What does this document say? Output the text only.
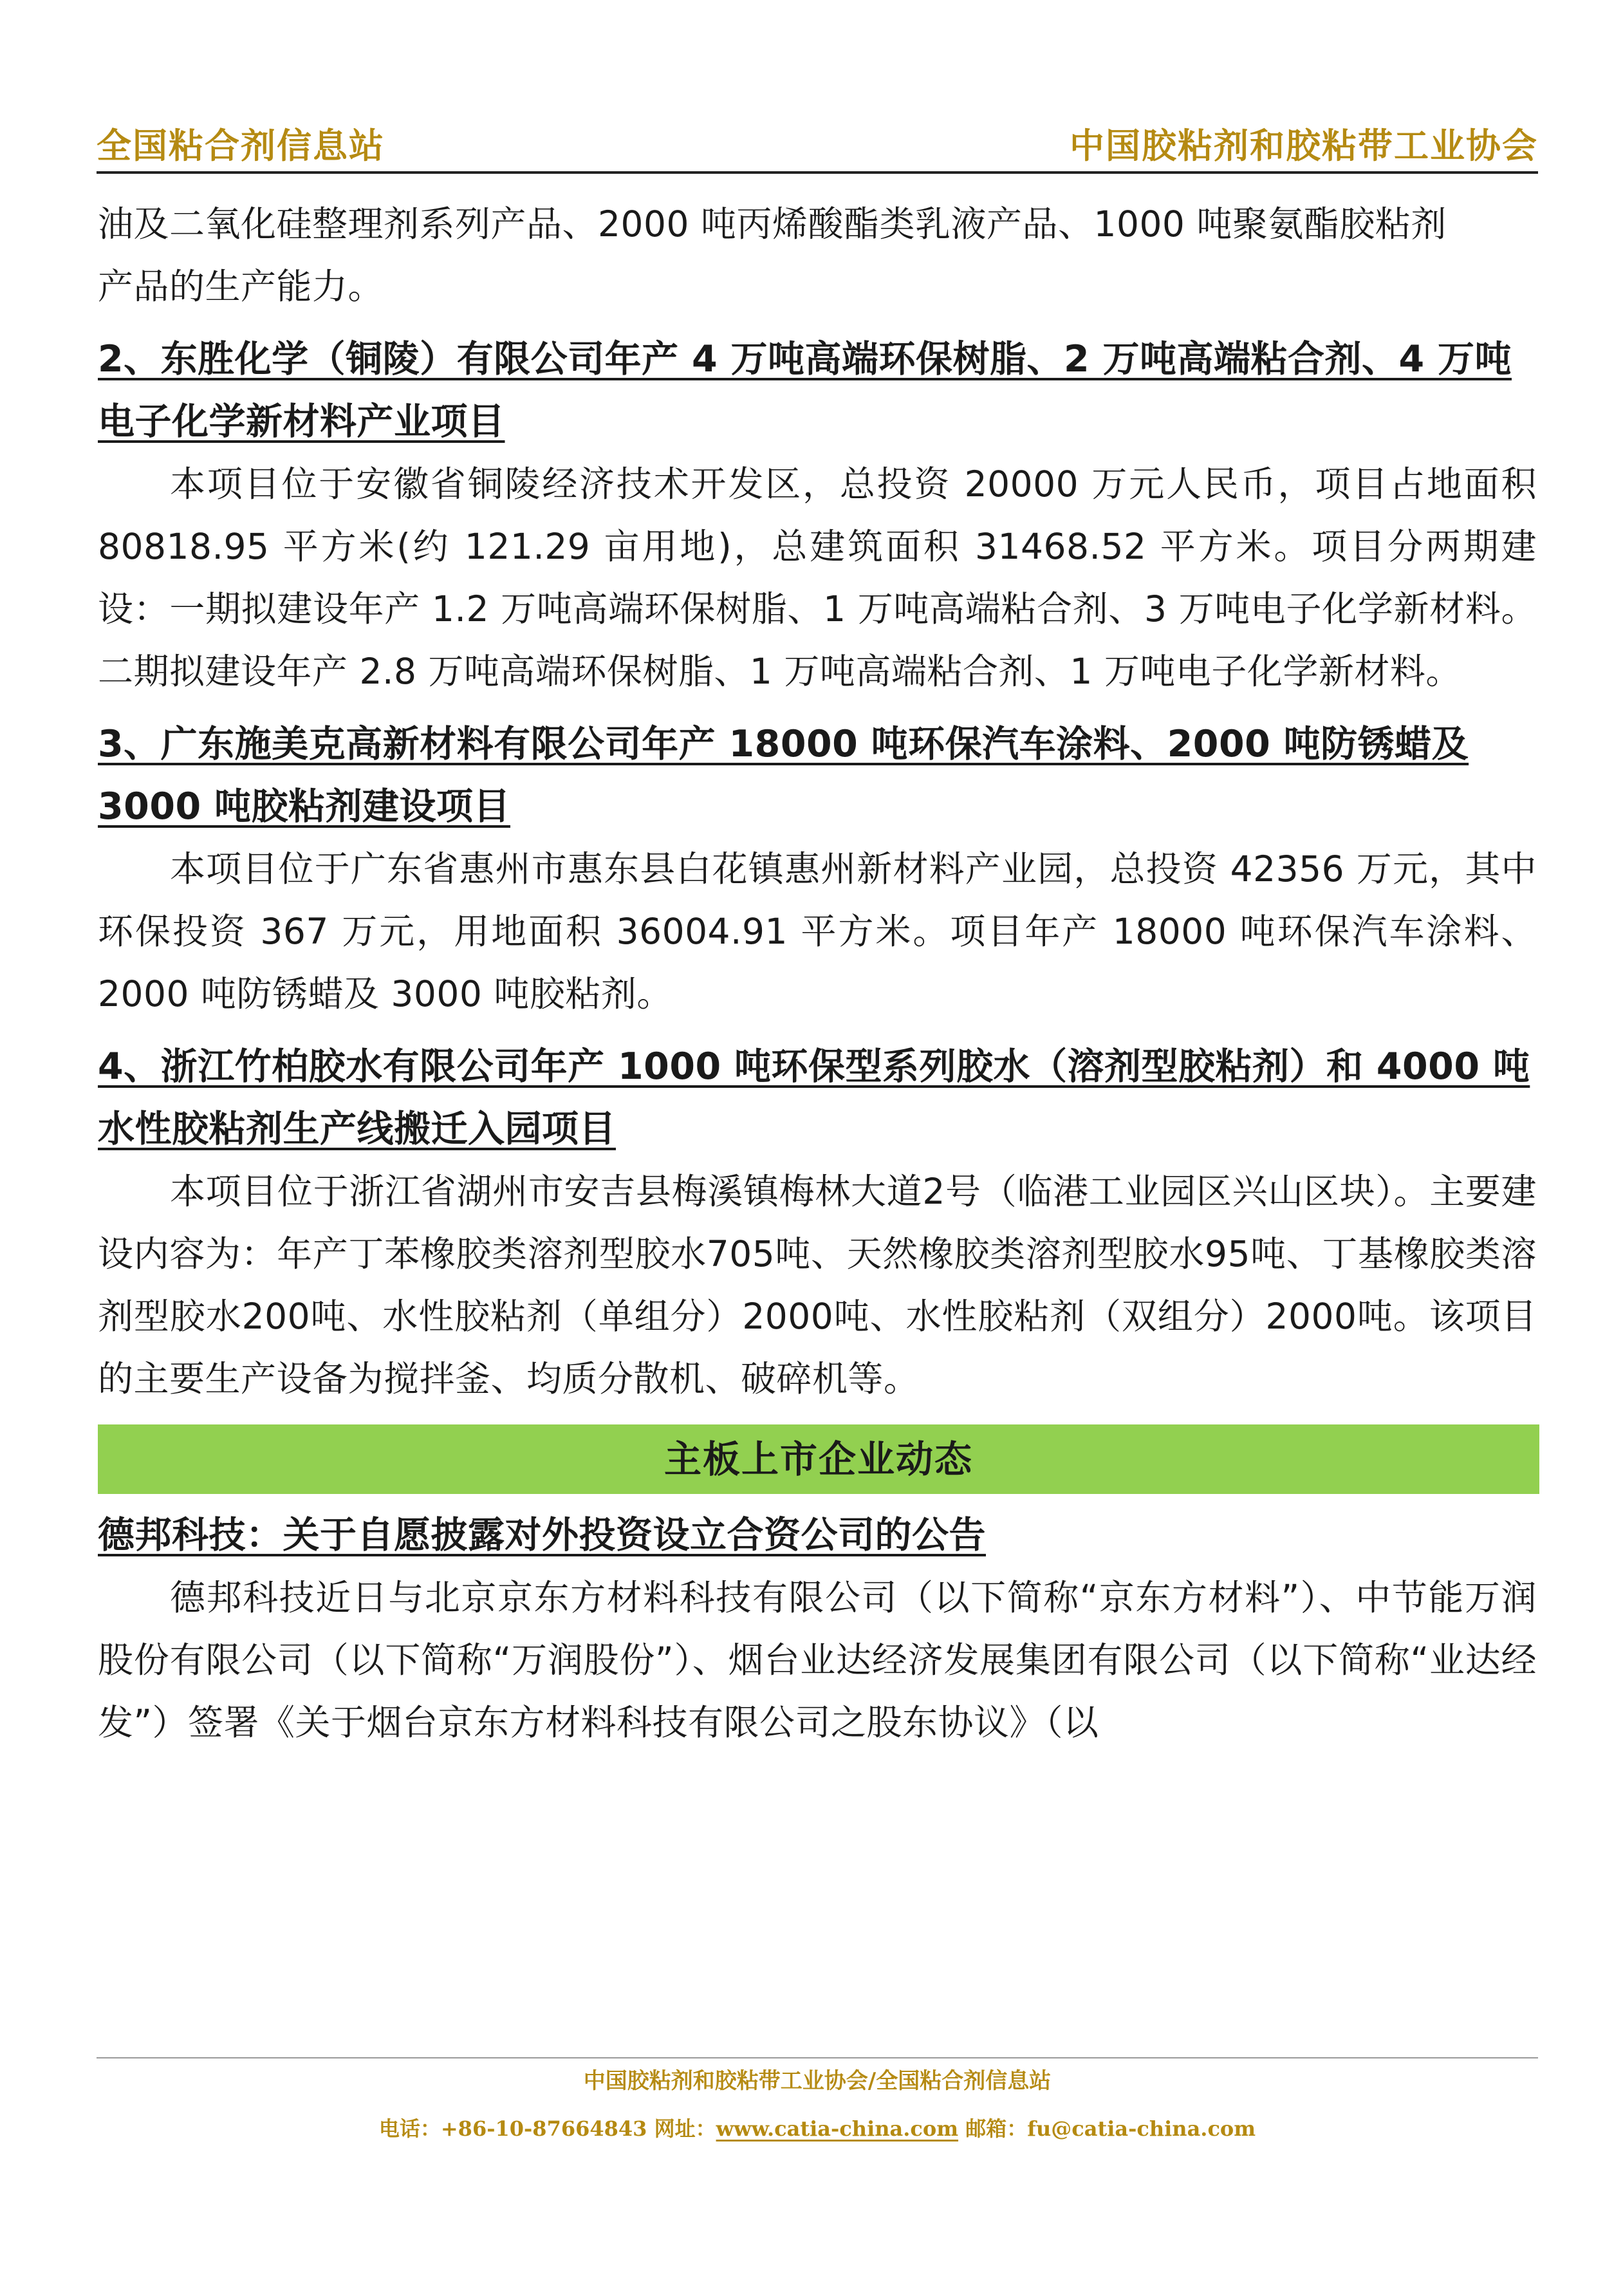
全国粘合剂信息站	中国胶粘剂和胶粘带工业协会

油及二氧化硅整理剂系列产品、2000 吨丙烯酸酯类乳液产品、1000 吨聚氨酯胶粘剂

产品的生产能力。

2、东胜化学（铜陵）有限公司年产 4 万吨高端环保树脂、2 万吨高端粘合剂、4 万吨电子化学新材料产业项目

本项目位于安徽省铜陵经济技术开发区，总投资 20000 万元人民币，项目占地面积 80818.95 平方米(约 121.29 亩用地)，总建筑面积 31468.52 平方米。项目分两期建设：一期拟建设年产 1.2 万吨高端环保树脂、1 万吨高端粘合剂、3 万吨电子化学新材料。二期拟建设年产 2.8 万吨高端环保树脂、1 万吨高端粘合剂、1 万吨电子化学新材料。

3、广东施美克高新材料有限公司年产 18000 吨环保汽车涂料、2000 吨防锈蜡及 3000 吨胶粘剂建设项目

本项目位于广东省惠州市惠东县白花镇惠州新材料产业园，总投资 42356 万元，其中环保投资 367 万元，用地面积 36004.91 平方米。项目年产 18000 吨环保汽车涂料、2000 吨防锈蜡及 3000 吨胶粘剂。

4、浙江竹柏胶水有限公司年产 1000 吨环保型系列胶水（溶剂型胶粘剂）和 4000 吨水性胶粘剂生产线搬迁入园项目

本项目位于浙江省湖州市安吉县梅溪镇梅林大道2号（临港工业园区兴山区块）。主要建设内容为：年产丁苯橡胶类溶剂型胶水705吨、天然橡胶类溶剂型胶水95吨、丁基橡胶类溶剂型胶水200吨、水性胶粘剂（单组分）2000吨、水性胶粘剂（双组分）2000吨。该项目的主要生产设备为搅拌釜、均质分散机、破碎机等。

主板上市企业动态

德邦科技：关于自愿披露对外投资设立合资公司的公告

德邦科技近日与北京京东方材料科技有限公司（以下简称“京东方材料”）、中节能万润股份有限公司（以下简称“万润股份”）、烟台业达经济发展集团有限公司（以下简称“业达经发”）签署《关于烟台京东方材料科技有限公司之股东协议》（以

中国胶粘剂和胶粘带工业协会/全国粘合剂信息站
电话：+86-10-87664843 网址：www.catia-china.com 邮箱：fu@catia-china.com
